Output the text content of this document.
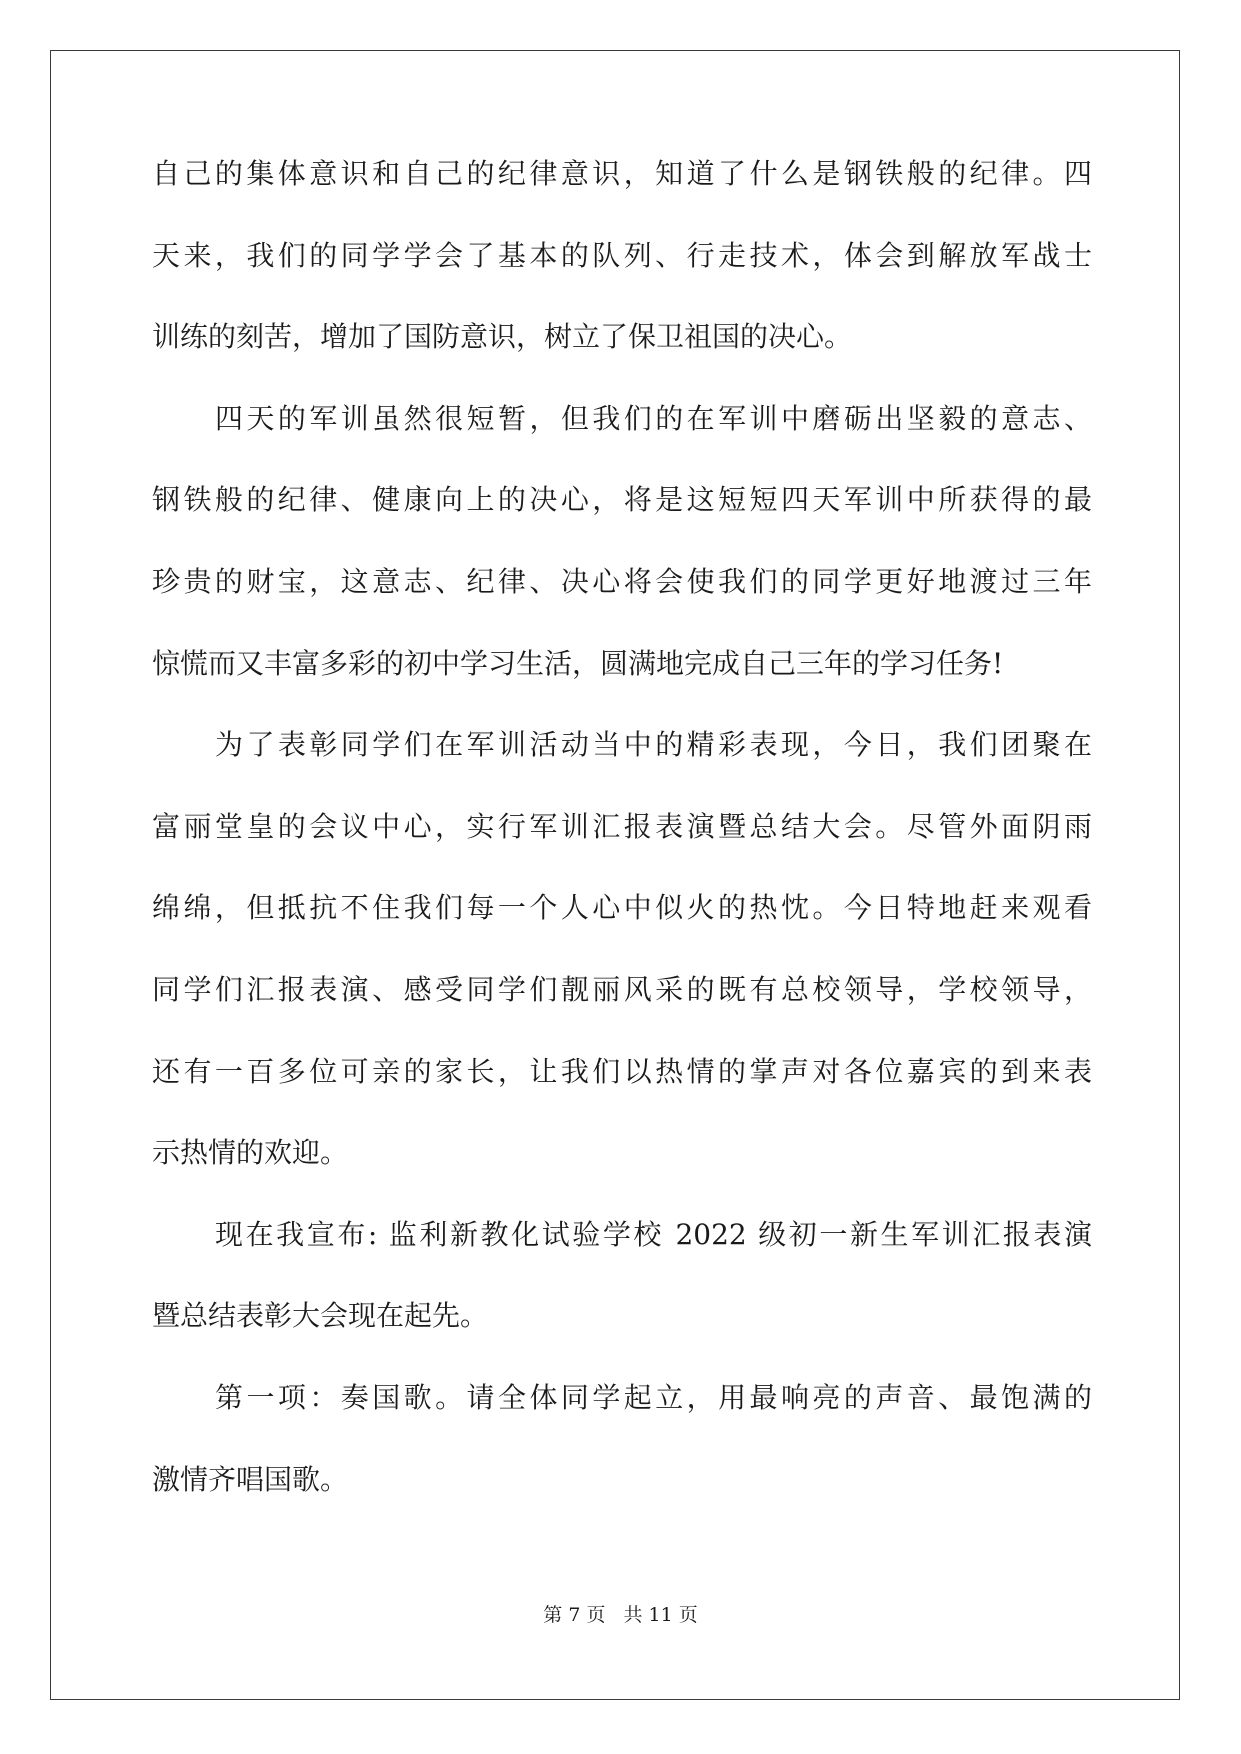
自己的集体意识和自己的纪律意识，知道了什么是钢铁般的纪律。四
天来，我们的同学学会了基本的队列、行走技术，体会到解放军战士
训练的刻苦，增加了国防意识，树立了保卫祖国的决心。

四天的军训虽然很短暂，但我们的在军训中磨砺出坚毅的意志、
钢铁般的纪律、健康向上的决心，将是这短短四天军训中所获得的最
珍贵的财宝，这意志、纪律、决心将会使我们的同学更好地渡过三年
惊慌而又丰富多彩的初中学习生活，圆满地完成自己三年的学习任务!

为了表彰同学们在军训活动当中的精彩表现，今日，我们团聚在
富丽堂皇的会议中心，实行军训汇报表演暨总结大会。尽管外面阴雨
绵绵，但抵抗不住我们每一个人心中似火的热忱。今日特地赶来观看
同学们汇报表演、感受同学们靓丽风采的既有总校领导，学校领导，
还有一百多位可亲的家长，让我们以热情的掌声对各位嘉宾的到来表
示热情的欢迎。

现在我宣布: 监利新教化试验学校 2022 级初一新生军训汇报表演
暨总结表彰大会现在起先。

第一项：奏国歌。请全体同学起立，用最响亮的声音、最饱满的
激情齐唱国歌。

第 7 页 共 11 页
